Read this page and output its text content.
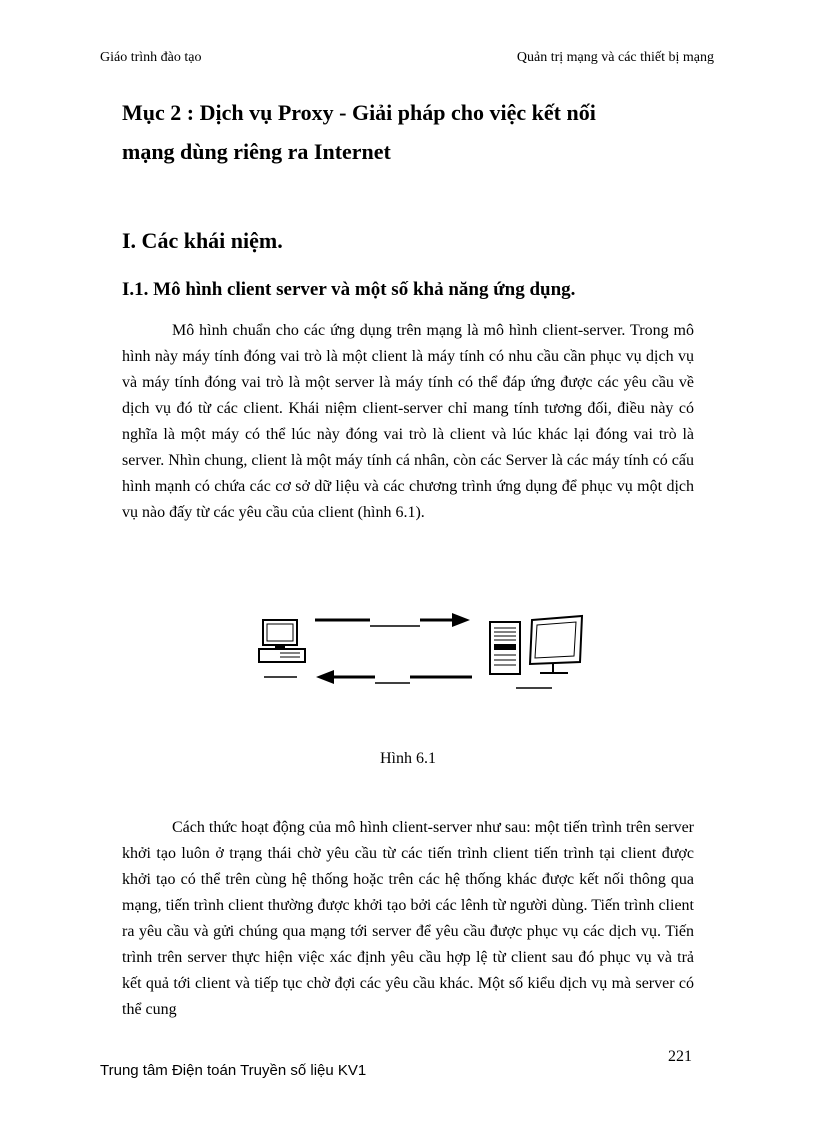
Giáo trình đào tạo	Quản trị mạng và các thiết bị mạng
Mục 2 : Dịch vụ Proxy - Giải pháp cho việc kết nối
mạng dùng riêng ra Internet
I. Các khái niệm.
I.1. Mô hình client server và một số khả năng ứng dụng.

Mô hình chuẩn cho các ứng dụng trên mạng là mô hình client-server. Trong mô hình này máy tính đóng vai trò là một client là máy tính có nhu cầu cần phục vụ dịch vụ và máy tính đóng vai trò là một server là máy tính có thể đáp ứng được các yêu cầu về dịch vụ đó từ các client. Khái niệm client-server chỉ mang tính tương đối, điều này có nghĩa là một máy có thể lúc này đóng vai trò là client và lúc khác lại đóng vai trò là server. Nhìn chung, client là một máy tính cá nhân, còn các Server là các máy tính có cấu hình mạnh có chứa các cơ sở dữ liệu và các chương trình ứng dụng để phục vụ một dịch vụ nào đấy từ các yêu cầu của client (hình 6.1).

Hình 6.1

Cách thức hoạt động của mô hình client-server như sau: một tiến trình trên server khởi tạo luôn ở trạng thái chờ yêu cầu từ các tiến trình client tiến trình tại client được khởi tạo có thể trên cùng hệ thống hoặc trên các hệ thống khác được kết nối thông qua mạng, tiến trình client thường được khởi tạo bởi các lênh từ người dùng. Tiến trình client ra yêu cầu và gửi chúng qua mạng tới server để yêu cầu được phục vụ các dịch vụ. Tiến trình trên server thực hiện việc xác định yêu cầu hợp lệ từ client sau đó phục vụ và trả kết quả tới client và tiếp tục chờ đợi các yêu cầu khác. Một số kiểu dịch vụ mà server có thể cung

221
Trung tâm Điện toán Truyền số liệu KV1
